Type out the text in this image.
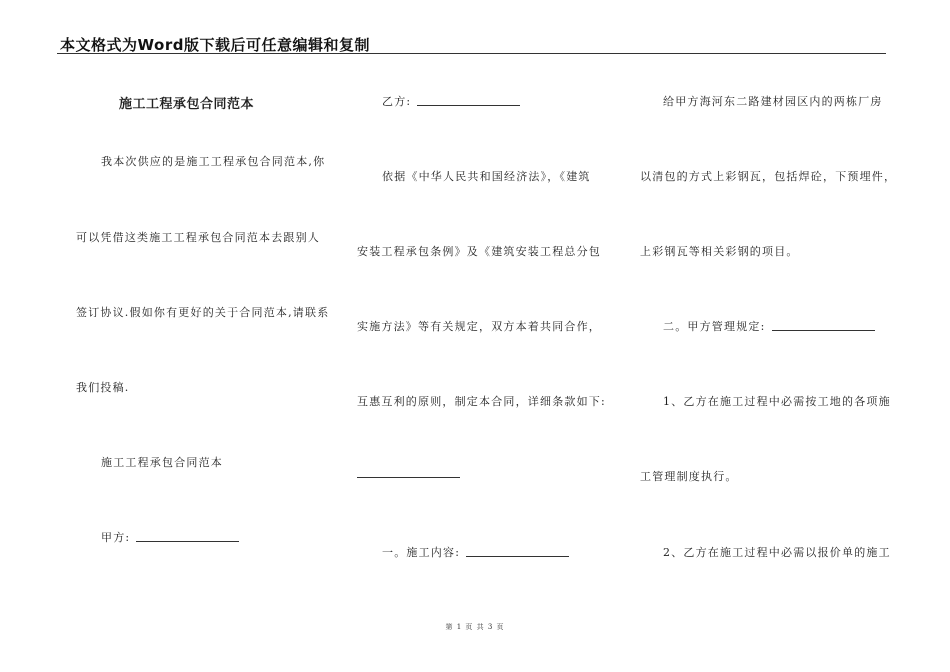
本文格式为Word版下载后可任意编辑和复制
施工工程承包合同范本
我本次供应的是施工工程承包合同范本,你
可以凭借这类施工工程承包合同范本去跟别人
签订协议.假如你有更好的关于合同范本,请联系
我们投稿.
施工工程承包合同范本
甲方:
乙方:
依据《中华人民共和国经济法》，《建筑
安装工程承包条例》及《建筑安装工程总分包
实施方法》等有关规定，双方本着共同合作，
互惠互利的原则，制定本合同，详细条款如下:
一。施工内容:
给甲方海河东二路建材园区内的两栋厂房
以清包的方式上彩钢瓦，包括焊砼，下预埋件，
上彩钢瓦等相关彩钢的项目。
二。甲方管理规定:
1、乙方在施工过程中必需按工地的各项施
工管理制度执行。
2、乙方在施工过程中必需以报价单的施工
第 1 页 共 3 页
